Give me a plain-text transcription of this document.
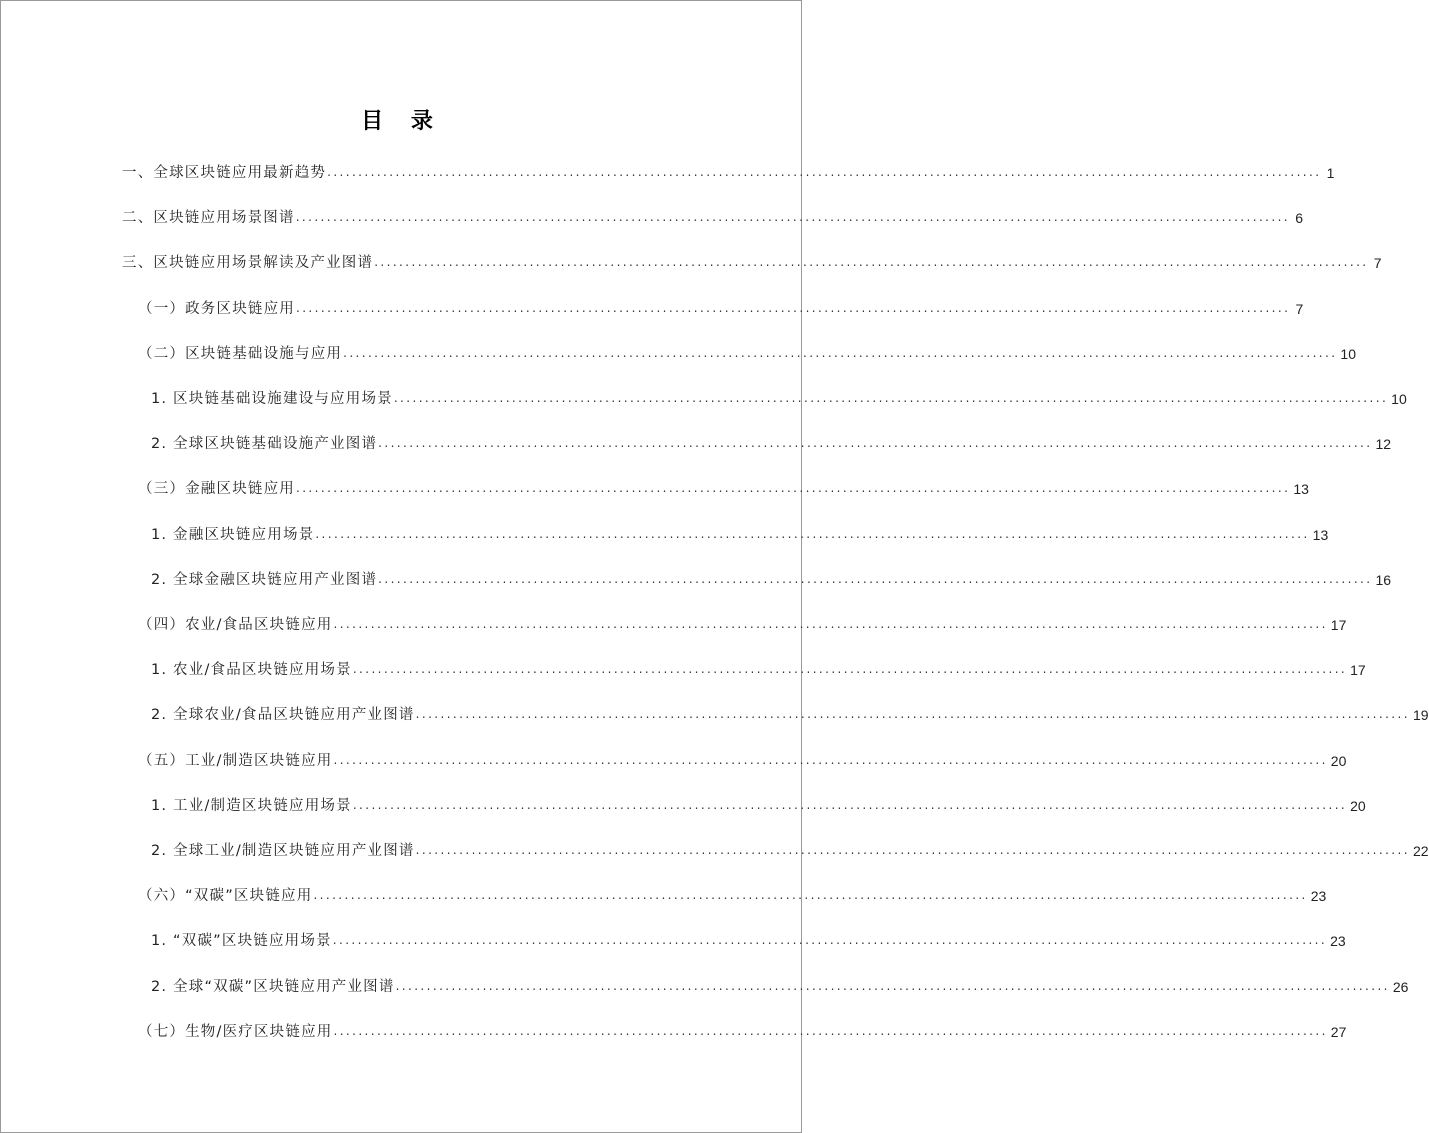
目 录
一、全球区块链应用最新趋势 ................................................................................................................................................................ 1
二、区块链应用场景图谱 ................................................................................................................................................................ 6
三、区块链应用场景解读及产业图谱 ................................................................................................................................................................ 7
（一）政务区块链应用 ................................................................................................................................................................ 7
（二）区块链基础设施与应用 ................................................................................................................................................................ 10
1. 区块链基础设施建设与应用场景 ................................................................................................................................................................ 10
2. 全球区块链基础设施产业图谱 ................................................................................................................................................................ 12
（三）金融区块链应用 ................................................................................................................................................................ 13
1. 金融区块链应用场景 ................................................................................................................................................................ 13
2. 全球金融区块链应用产业图谱 ................................................................................................................................................................ 16
（四）农业/食品区块链应用 ................................................................................................................................................................ 17
1. 农业/食品区块链应用场景 ................................................................................................................................................................ 17
2. 全球农业/食品区块链应用产业图谱 ................................................................................................................................................................ 19
（五）工业/制造区块链应用 ................................................................................................................................................................ 20
1. 工业/制造区块链应用场景 ................................................................................................................................................................ 20
2. 全球工业/制造区块链应用产业图谱 ................................................................................................................................................................ 22
（六）“双碳”区块链应用 ................................................................................................................................................................ 23
1. “双碳”区块链应用场景 ................................................................................................................................................................ 23
2. 全球“双碳”区块链应用产业图谱 ................................................................................................................................................................ 26
（七）生物/医疗区块链应用 ................................................................................................................................................................ 27
